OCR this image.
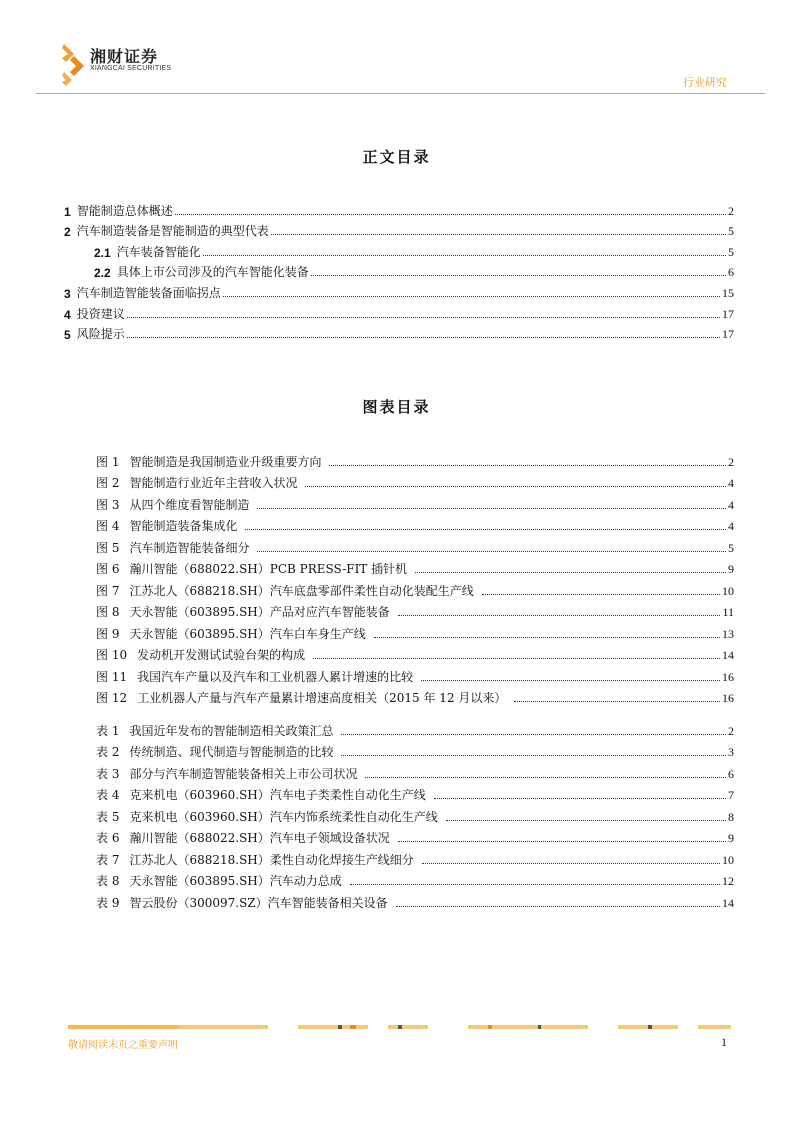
湘财证券
XIANGCAI SECURITIES
行业研究
正文目录
1 智能制造总体概述	2
2 汽车制造装备是智能制造的典型代表	5
2.1 汽车装备智能化	5
2.2 具体上市公司涉及的汽车智能化装备	6
3 汽车制造智能装备面临拐点	15
4 投资建议	17
5 风险提示	17
图表目录
图 1 智能制造是我国制造业升级重要方向	2
图 2 智能制造行业近年主营收入状况	4
图 3 从四个维度看智能制造	4
图 4 智能制造装备集成化	4
图 5 汽车制造智能装备细分	5
图 6 瀚川智能（688022.SH）PCB PRESS-FIT 插针机	9
图 7 江苏北人（688218.SH）汽车底盘零部件柔性自动化装配生产线	10
图 8 天永智能（603895.SH）产品对应汽车智能装备	11
图 9 天永智能（603895.SH）汽车白车身生产线	13
图 10 发动机开发测试试验台架的构成	14
图 11 我国汽车产量以及汽车和工业机器人累计增速的比较	16
图 12 工业机器人产量与汽车产量累计增速高度相关（2015 年 12 月以来）	16
表 1 我国近年发布的智能制造相关政策汇总	2
表 2 传统制造、现代制造与智能制造的比较	3
表 3 部分与汽车制造智能装备相关上市公司状况	6
表 4 克来机电（603960.SH）汽车电子类柔性自动化生产线	7
表 5 克来机电（603960.SH）汽车内饰系统柔性自动化生产线	8
表 6 瀚川智能（688022.SH）汽车电子领域设备状况	9
表 7 江苏北人（688218.SH）柔性自动化焊接生产线细分	10
表 8 天永智能（603895.SH）汽车动力总成	12
表 9 智云股份（300097.SZ）汽车智能装备相关设备	14
敬请阅读末页之重要声明	1
